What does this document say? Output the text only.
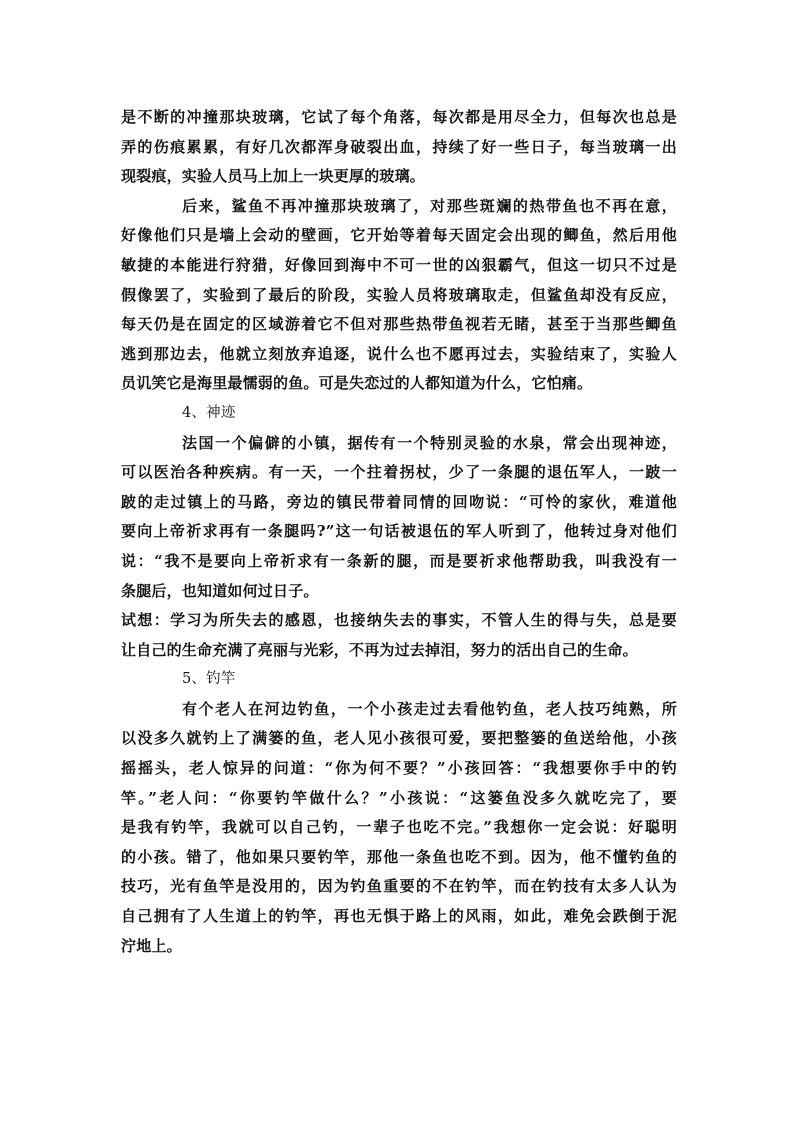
是不断的冲撞那块玻璃，它试了每个角落，每次都是用尽全力，但每次也总是
弄的伤痕累累，有好几次都浑身破裂出血，持续了好一些日子，每当玻璃一出
现裂痕，实验人员马上加上一块更厚的玻璃。
后来，鲨鱼不再冲撞那块玻璃了，对那些斑斓的热带鱼也不再在意，
好像他们只是墙上会动的壁画，它开始等着每天固定会出现的鲫鱼，然后用他
敏捷的本能进行狩猎，好像回到海中不可一世的凶狠霸气，但这一切只不过是
假像罢了，实验到了最后的阶段，实验人员将玻璃取走，但鲨鱼却没有反应，
每天仍是在固定的区域游着它不但对那些热带鱼视若无睹，甚至于当那些鲫鱼
逃到那边去，他就立刻放弃追逐，说什么也不愿再过去，实验结束了，实验人
员讥笑它是海里最懦弱的鱼。可是失恋过的人都知道为什么，它怕痛。
4、神迹
法国一个偏僻的小镇，据传有一个特别灵验的水泉，常会出现神迹，
可以医治各种疾病。有一天，一个拄着拐杖，少了一条腿的退伍军人，一跛一
跛的走过镇上的马路，旁边的镇民带着同情的回吻说：“可怜的家伙，难道他
要向上帝祈求再有一条腿吗?”这一句话被退伍的军人听到了，他转过身对他们
说：“我不是要向上帝祈求有一条新的腿，而是要祈求他帮助我，叫我没有一
条腿后，也知道如何过日子。
试想：学习为所失去的感恩，也接纳失去的事实，不管人生的得与失，总是要
让自己的生命充满了亮丽与光彩，不再为过去掉泪，努力的活出自己的生命。
5、钓竿
有个老人在河边钓鱼，一个小孩走过去看他钓鱼，老人技巧纯熟，所
以没多久就钓上了满篓的鱼，老人见小孩很可爱，要把整篓的鱼送给他，小孩
摇摇头，老人惊异的问道：“你为何不要？”小孩回答：“我想要你手中的钓
竿。”老人问：“你要钓竿做什么？”小孩说：“这篓鱼没多久就吃完了，要
是我有钓竿，我就可以自己钓，一辈子也吃不完。”我想你一定会说：好聪明
的小孩。错了，他如果只要钓竿，那他一条鱼也吃不到。因为，他不懂钓鱼的
技巧，光有鱼竿是没用的，因为钓鱼重要的不在钓竿，而在钓技有太多人认为
自己拥有了人生道上的钓竿，再也无惧于路上的风雨，如此，难免会跌倒于泥
泞地上。
